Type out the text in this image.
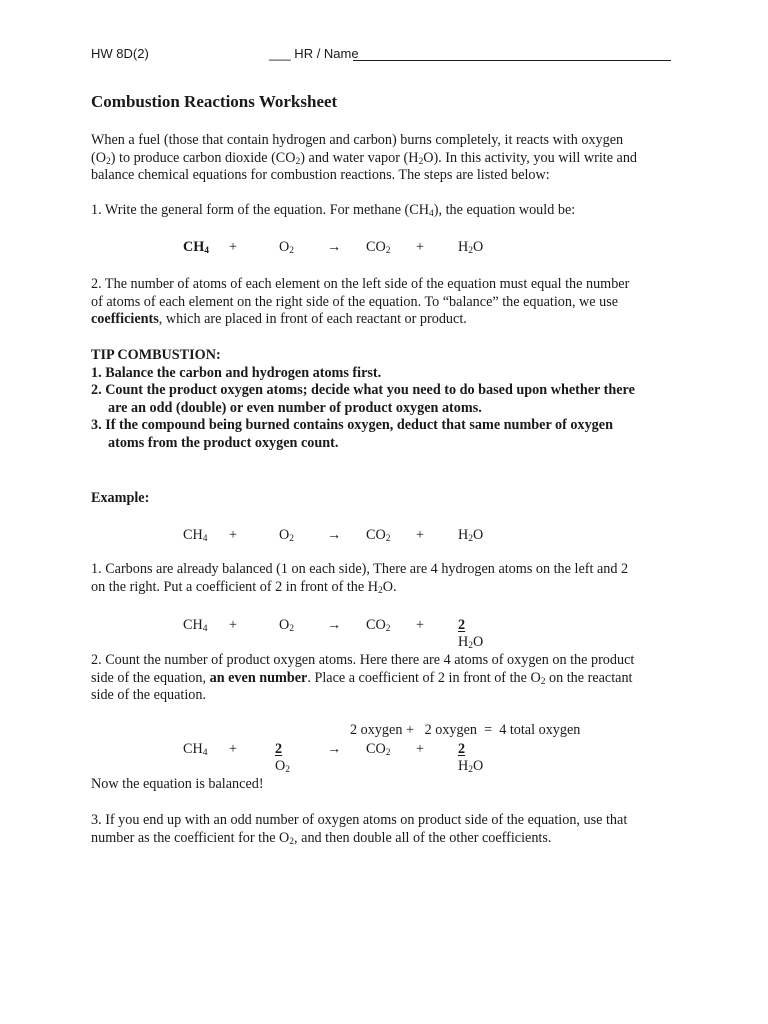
HW 8D(2)	___ HR / Name
Combustion Reactions Worksheet
When a fuel (those that contain hydrogen and carbon) burns completely, it reacts with oxygen
$(O_2)$ to produce carbon dioxide $(CO_2)$ and water vapor $(H_2O)$. In this activity, you will write and
balance chemical equations for combustion reactions. The steps are listed below:
1. Write the general form of the equation. For methane $(CH_4)$, the equation would be:
$CH_4$ +	$O_2 \to CO_2 + H_2O$
2. The number of atoms of each element on the left side of the equation must equal the number
of atoms of each element on the right side of the equation. To “balance” the equation, we use
coefficients, which are placed in front of each reactant or product.
TIP COMBUSTION:
1. Balance the carbon and hydrogen atoms first.
2. Count the product oxygen atoms; decide what you need to do based upon whether there
are an odd (double) or even number of product oxygen atoms.
3. If the compound being burned contains oxygen, deduct that same number of oxygen
atoms from the product oxygen count.
Example:
$CH_4$ +	$O_2 \to CO_2 + H_2O$
1. Carbons are already balanced (1 on each side), There are 4 hydrogen atoms on the left and 2
on the right. Put a coefficient of 2 in front of the $H_2O$.
$CH_4$ +	$O_2 \to CO_2 + 2$ $H_2O$
2. Count the number of product oxygen atoms. Here there are 4 atoms of oxygen on the product
side of the equation, an even number. Place a coefficient of 2 in front of the $O_2$ on the reactant
side of the equation.
2 oxygen +   2 oxygen  =  4 total oxygen
$CH_4$ +	2 $O_2$
→ $CO_2 + 2$ $H_2O$
Now the equation is balanced!
3. If you end up with an odd number of oxygen atoms on product side of the equation, use that
number as the coefficient for the $O_2$, and then double all of the other coefficients.
